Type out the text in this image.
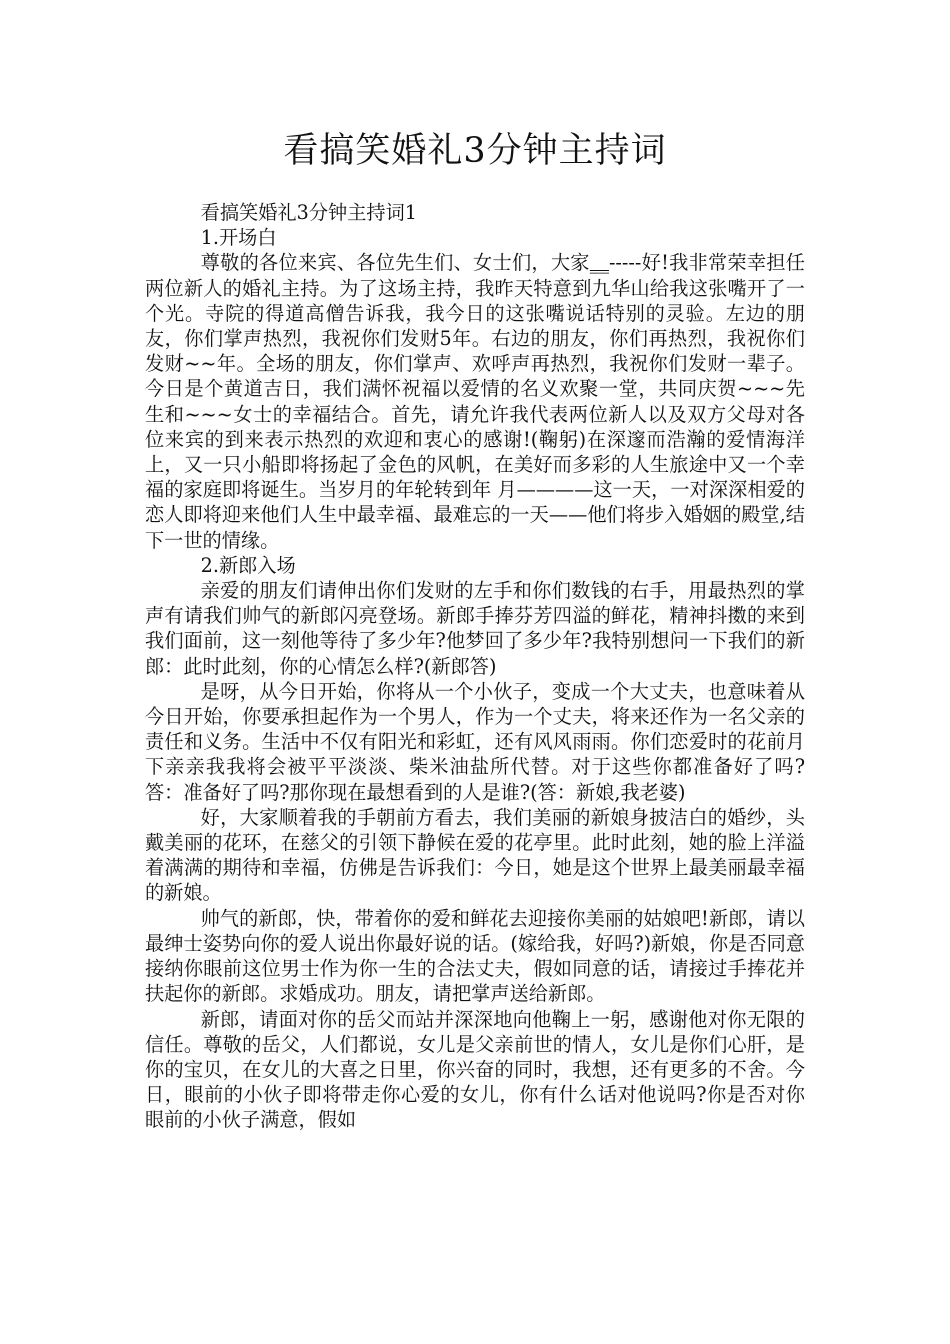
看搞笑婚礼3分钟主持词

看搞笑婚礼3分钟主持词1

1.开场白

尊敬的各位来宾、各位先生们、女士们，大家__-----好!我非常荣幸担任两位新人的婚礼主持。为了这场主持，我昨天特意到九华山给我这张嘴开了一个光。寺院的得道高僧告诉我，我今日的这张嘴说话特别的灵验。左边的朋友，你们掌声热烈，我祝你们发财5年。右边的朋友，你们再热烈，我祝你们发财~~年。全场的朋友，你们掌声、欢呼声再热烈，我祝你们发财一辈子。今日是个黄道吉日，我们满怀祝福以爱情的名义欢聚一堂，共同庆贺~~~先生和~~~女士的幸福结合。首先，请允许我代表两位新人以及双方父母对各位来宾的到来表示热烈的欢迎和衷心的感谢!(鞠躬)在深邃而浩瀚的爱情海洋上，又一只小船即将扬起了金色的风帆，在美好而多彩的人生旅途中又一个幸福的家庭即将诞生。当岁月的年轮转到年 月————这一天，一对深深相爱的恋人即将迎来他们人生中最幸福、最难忘的一天——他们将步入婚姻的殿堂,结下一世的情缘。

2.新郎入场

亲爱的朋友们请伸出你们发财的左手和你们数钱的右手，用最热烈的掌声有请我们帅气的新郎闪亮登场。新郎手捧芬芳四溢的鲜花，精神抖擞的来到我们面前，这一刻他等待了多少年?他梦回了多少年?我特别想问一下我们的新郎：此时此刻，你的心情怎么样?(新郎答)

是呀，从今日开始，你将从一个小伙子，变成一个大丈夫，也意味着从今日开始，你要承担起作为一个男人，作为一个丈夫，将来还作为一名父亲的责任和义务。生活中不仅有阳光和彩虹，还有风风雨雨。你们恋爱时的花前月下亲亲我我将会被平平淡淡、柴米油盐所代替。对于这些你都准备好了吗?答：准备好了吗?那你现在最想看到的人是谁?(答：新娘,我老婆)

好，大家顺着我的手朝前方看去，我们美丽的新娘身披洁白的婚纱，头戴美丽的花环，在慈父的引领下静候在爱的花亭里。此时此刻，她的脸上洋溢着满满的期待和幸福，仿佛是告诉我们：今日，她是这个世界上最美丽最幸福的新娘。

帅气的新郎，快，带着你的爱和鲜花去迎接你美丽的姑娘吧!新郎，请以最绅士姿势向你的爱人说出你最好说的话。(嫁给我，好吗?)新娘，你是否同意接纳你眼前这位男士作为你一生的合法丈夫，假如同意的话，请接过手捧花并扶起你的新郎。求婚成功。朋友，请把掌声送给新郎。

新郎，请面对你的岳父而站并深深地向他鞠上一躬，感谢他对你无限的信任。尊敬的岳父，人们都说，女儿是父亲前世的情人，女儿是你们心肝，是你的宝贝，在女儿的大喜之日里，你兴奋的同时，我想，还有更多的不舍。今日，眼前的小伙子即将带走你心爱的女儿，你有什么话对他说吗?你是否对你眼前的小伙子满意，假如
